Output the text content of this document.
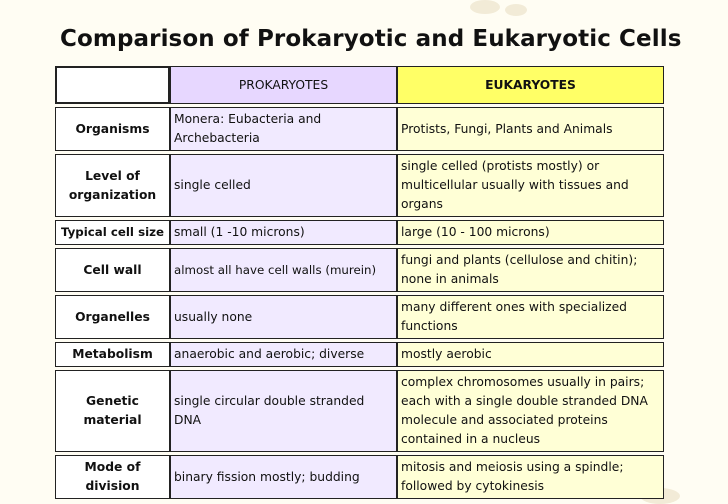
Comparison of Prokaryotic and Eukaryotic Cells
	PROKARYOTES	EUKARYOTES
Organisms	Monera: Eubacteria and Archebacteria	Protists, Fungi, Plants and Animals
Level of organization	single celled	single celled (protists mostly) or multicellular usually with tissues and organs
Typical cell size	small (1 -10 microns)	large (10 - 100 microns)
Cell wall	almost all have cell walls (murein)	fungi and plants (cellulose and chitin); none in animals
Organelles	usually none	many different ones with specialized functions
Metabolism	anaerobic and aerobic; diverse	mostly aerobic
Genetic material	single circular double stranded DNA	complex chromosomes usually in pairs; each with a single double stranded DNA molecule and associated proteins contained in a nucleus
Mode of division	binary fission mostly; budding	mitosis and meiosis using a spindle; followed by cytokinesis
